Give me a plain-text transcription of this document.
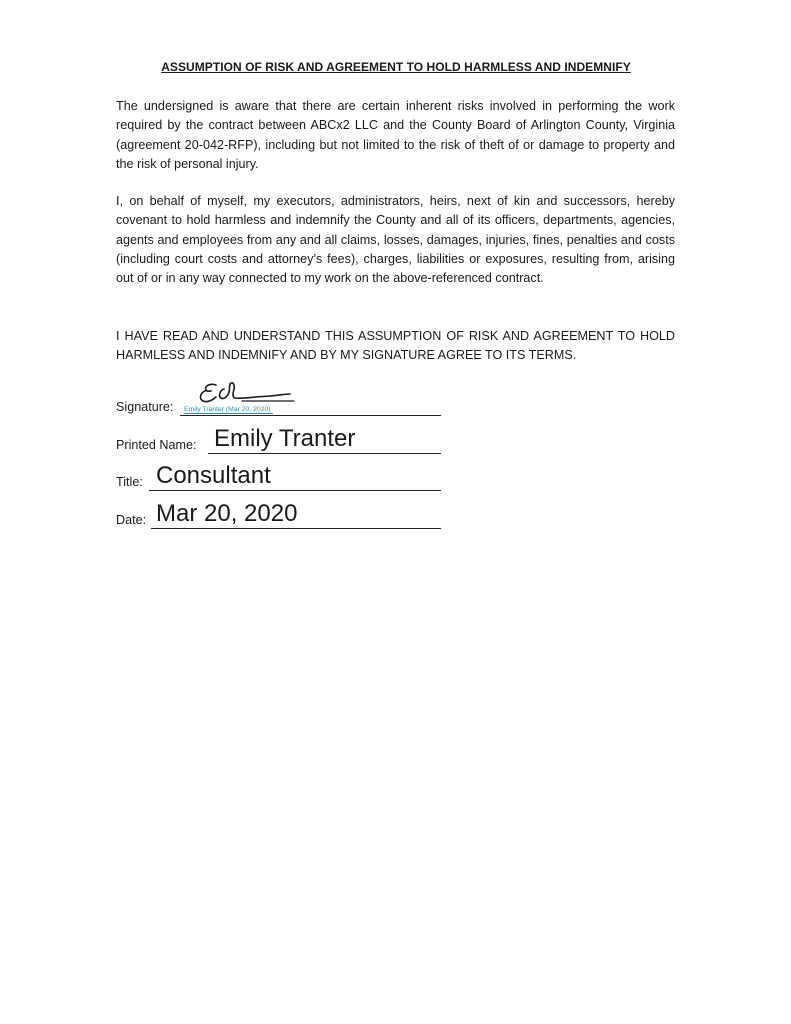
ASSUMPTION OF RISK AND AGREEMENT TO HOLD HARMLESS AND INDEMNIFY
The undersigned is aware that there are certain inherent risks involved in performing the work required by the contract between ABCx2 LLC and the County Board of Arlington County, Virginia (agreement 20-042-RFP), including but not limited to the risk of theft of or damage to property and the risk of personal injury.
I, on behalf of myself, my executors, administrators, heirs, next of kin and successors, hereby covenant to hold harmless and indemnify the County and all of its officers, departments, agencies, agents and employees from any and all claims, losses, damages, injuries, fines, penalties and costs (including court costs and attorney’s fees), charges, liabilities or exposures, resulting from, arising out of or in any way connected to my work on the above-referenced contract.
I HAVE READ AND UNDERSTAND THIS ASSUMPTION OF RISK AND AGREEMENT TO HOLD HARMLESS AND INDEMNIFY AND BY MY SIGNATURE AGREE TO ITS TERMS.
Signature: Emily Tranter (Mar 20, 2020)
Printed Name: Emily Tranter
Title: Consultant
Date: Mar 20, 2020
